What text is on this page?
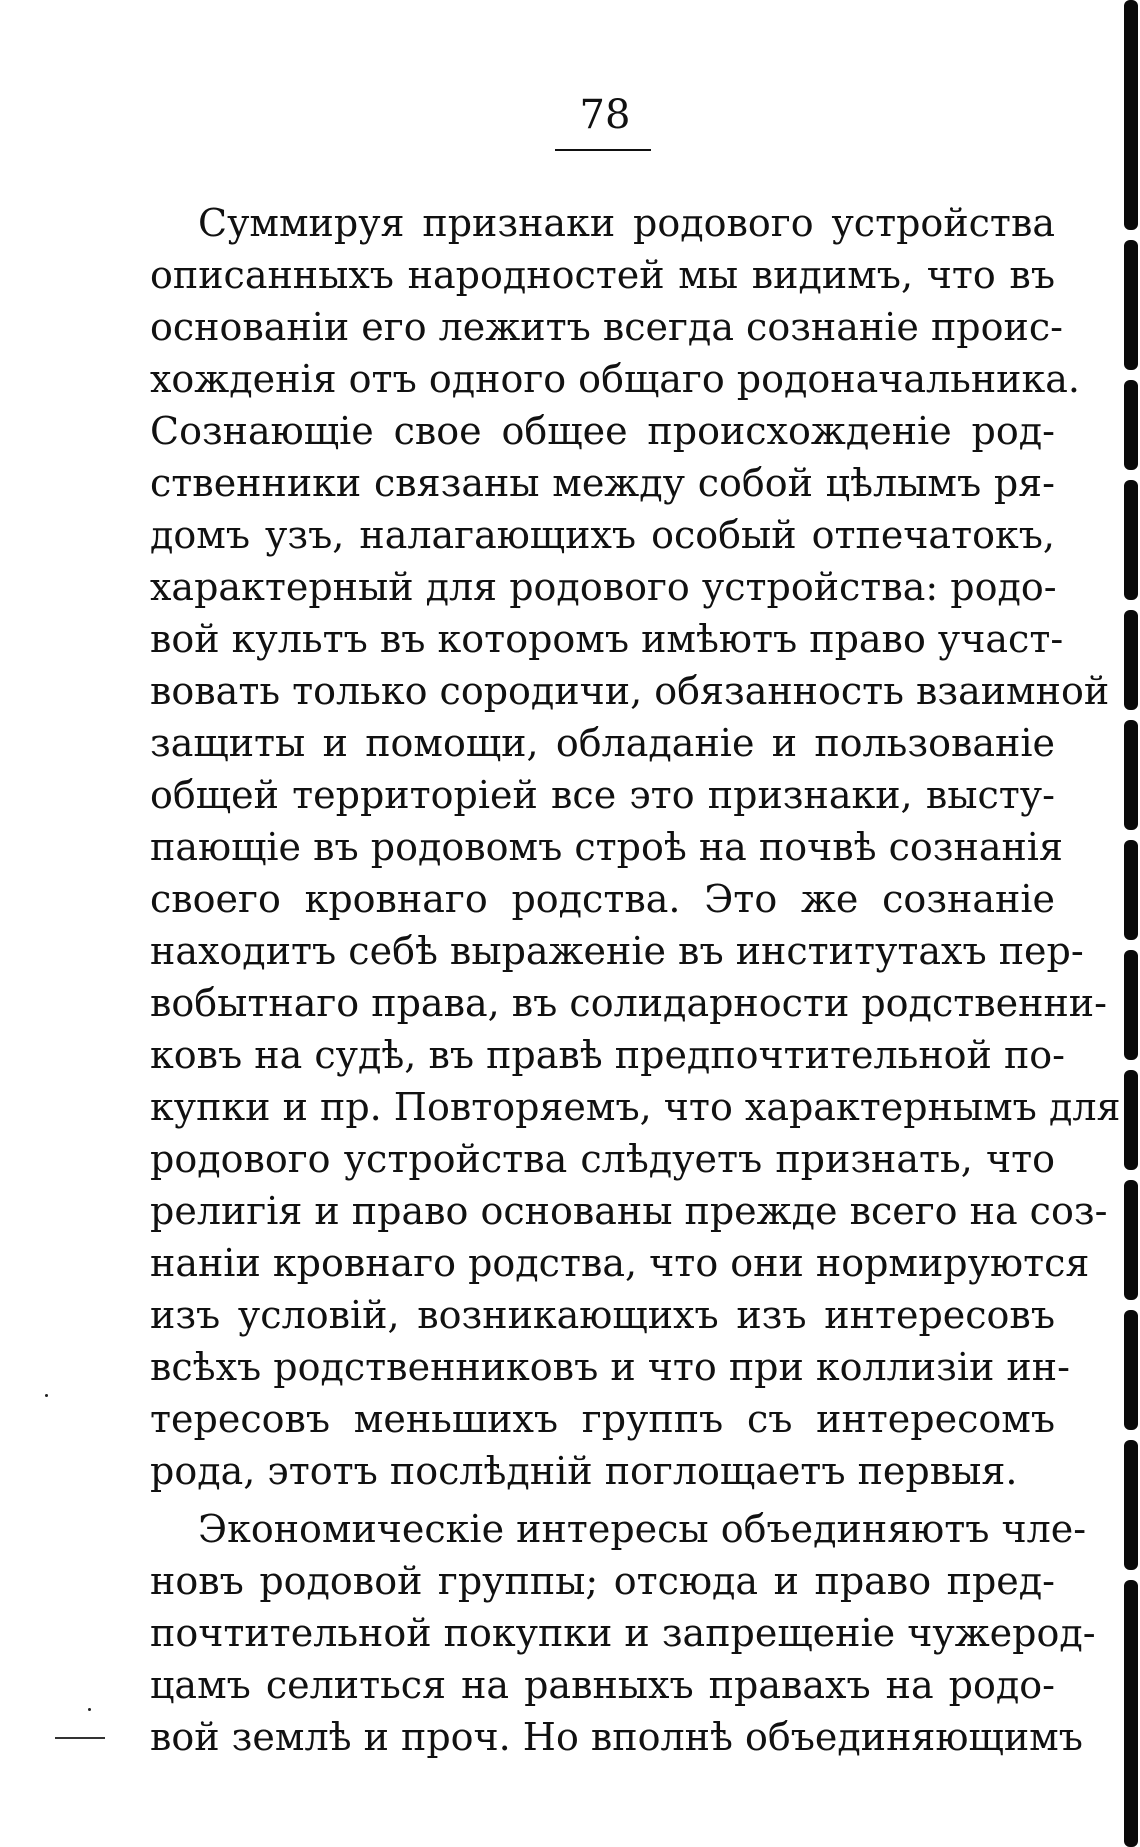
78
Суммируя признаки родового устройства
описанныхъ народностей мы видимъ, что въ
основанiи его лежитъ всегда сознанiе проис-
хожденiя отъ одного общаго родоначальника.
Сознающiе свое общее происхожденiе род-
ственники связаны между собой цѣлымъ ря-
домъ узъ, налагающихъ особый отпечатокъ,
характерный для родового устройства: родо-
вой культъ въ которомъ имѣютъ право участ-
вовать только сородичи, обязанность взаимной
защиты и помощи, обладанiе и пользованiе
общей территорiей все это признаки, высту-
пающiе въ родовомъ строѣ на почвѣ сознанiя
своего кровнаго родства. Это же сознанiе
находитъ себѣ выраженiе въ институтахъ пер-
вобытнаго права, въ солидарности родственни-
ковъ на судѣ, въ правѣ предпочтительной по-
купки и пр. Повторяемъ, что характернымъ для
родового устройства слѣдуетъ признать, что
религiя и право основаны прежде всего на соз-
нанiи кровнаго родства, что они нормируются
изъ условiй, возникающихъ изъ интересовъ
всѣхъ родственниковъ и что при коллизiи ин-
тересовъ меньшихъ группъ съ интересомъ
рода, этотъ послѣднiй поглощаетъ первыя.
Экономическiе интересы объединяютъ чле-
новъ родовой группы; отсюда и право пред-
почтительной покупки и запрещенiе чужерод-
цамъ селиться на равныхъ правахъ на родо-
вой землѣ и проч. Но вполнѣ объединяющимъ
